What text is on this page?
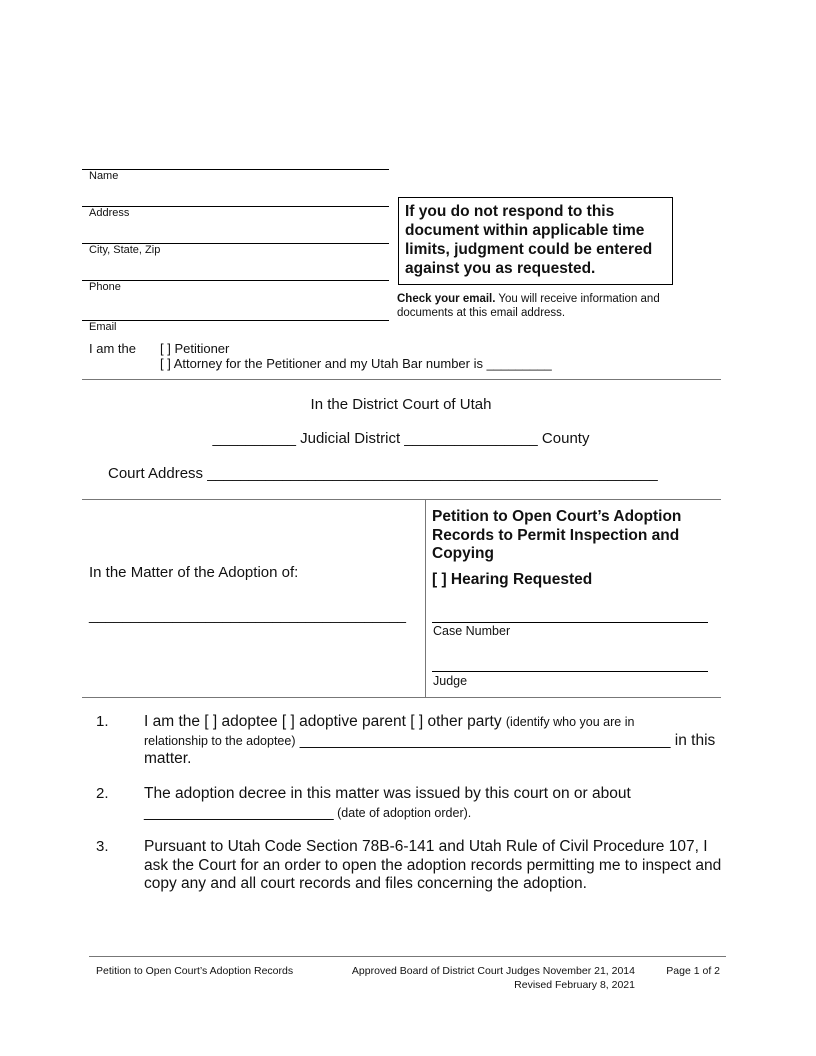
Name
Address
City, State, Zip
Phone
Email
If you do not respond to this document within applicable time limits, judgment could be entered against you as requested.
Check your email. You will receive information and documents at this email address.
I am the [ ] Petitioner
[ ] Attorney for the Petitioner and my Utah Bar number is _________
In the District Court of Utah
__________ Judicial District ________________ County
Court Address ______________________________________________________
In the Matter of the Adoption of:
______________________________________
Petition to Open Court’s Adoption Records to Permit Inspection and Copying
[ ] Hearing Requested
Case Number
Judge
1. I am the [ ] adoptee [ ] adoptive parent [ ] other party (identify who you are in
relationship to the adoptee) ___________________________________________ in this
matter.
2. The adoption decree in this matter was issued by this court on or about
______________________ (date of adoption order).
3. Pursuant to Utah Code Section 78B-6-141 and Utah Rule of Civil Procedure 107, I ask the Court for an order to open the adoption records permitting me to inspect and copy any and all court records and files concerning the adoption.
Petition to Open Court’s Adoption Records	Approved Board of District Court Judges November 21, 2014
Revised February 8, 2021
Page 1 of 2
